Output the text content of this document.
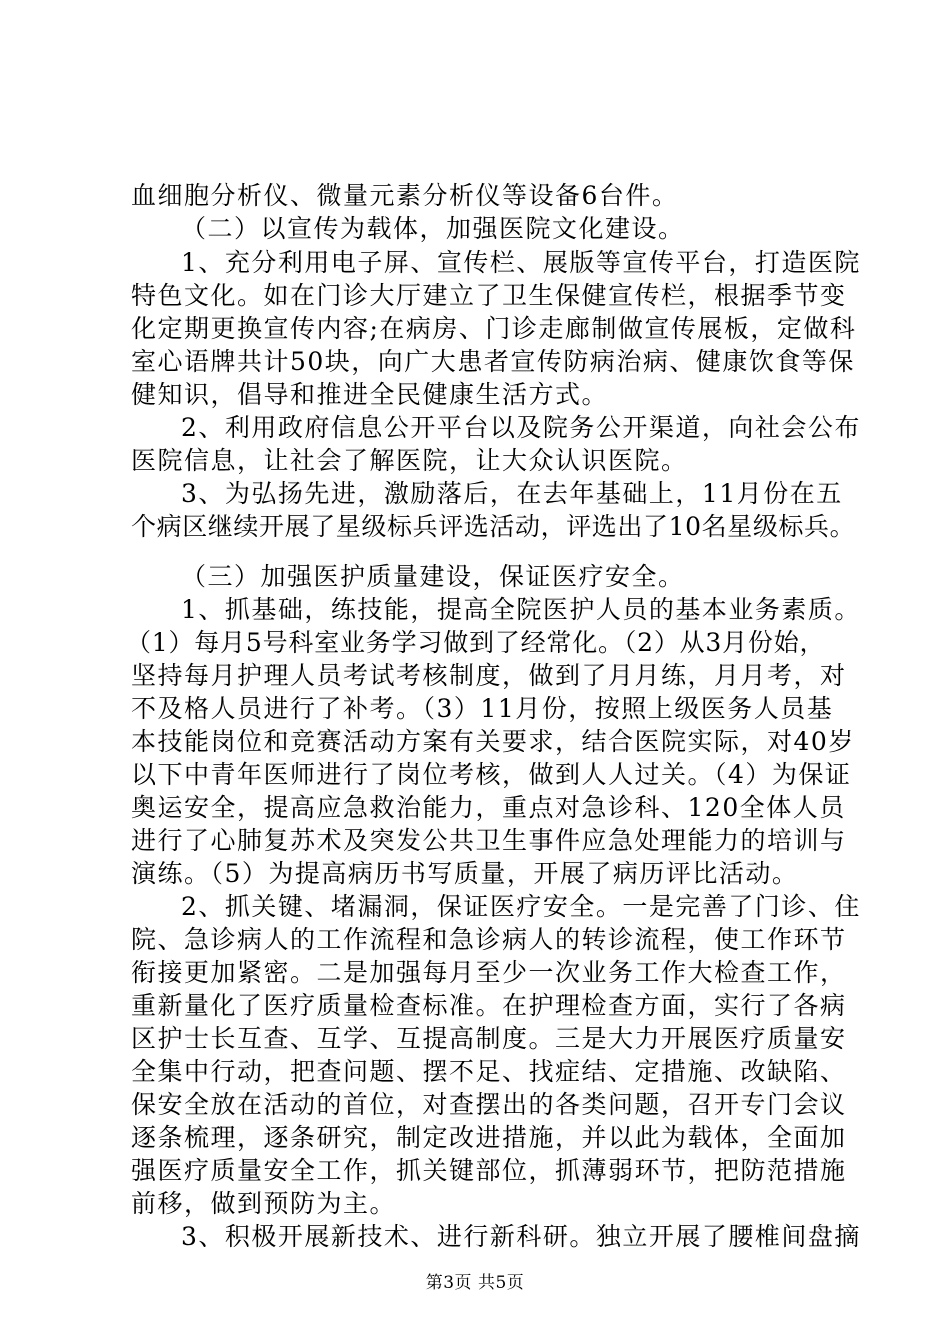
血细胞分析仪、微量元素分析仪等设备6台件。
（二）以宣传为载体，加强医院文化建设。
1、充分利用电子屏、宣传栏、展版等宣传平台，打造医院
特色文化。如在门诊大厅建立了卫生保健宣传栏，根据季节变
化定期更换宣传内容;在病房、门诊走廊制做宣传展板，定做科
室心语牌共计50块，向广大患者宣传防病治病、健康饮食等保
健知识，倡导和推进全民健康生活方式。
2、利用政府信息公开平台以及院务公开渠道，向社会公布
医院信息，让社会了解医院，让大众认识医院。
3、为弘扬先进，激励落后，在去年基础上，11月份在五
个病区继续开展了星级标兵评选活动，评选出了10名星级标兵。
（三）加强医护质量建设，保证医疗安全。
1、抓基础，练技能，提高全院医护人员的基本业务素质。
（1）每月5号科室业务学习做到了经常化。（2）从3月份始，
坚持每月护理人员考试考核制度，做到了月月练，月月考，对
不及格人员进行了补考。（3）11月份，按照上级医务人员基
本技能岗位和竞赛活动方案有关要求，结合医院实际，对40岁
以下中青年医师进行了岗位考核，做到人人过关。（4）为保证
奥运安全，提高应急救治能力，重点对急诊科、120全体人员
进行了心肺复苏术及突发公共卫生事件应急处理能力的培训与
演练。（5）为提高病历书写质量，开展了病历评比活动。
2、抓关键、堵漏洞，保证医疗安全。一是完善了门诊、住
院、急诊病人的工作流程和急诊病人的转诊流程，使工作环节
衔接更加紧密。二是加强每月至少一次业务工作大检查工作，
重新量化了医疗质量检查标准。在护理检查方面，实行了各病
区护士长互查、互学、互提高制度。三是大力开展医疗质量安
全集中行动，把查问题、摆不足、找症结、定措施、改缺陷、
保安全放在活动的首位，对查摆出的各类问题，召开专门会议
逐条梳理，逐条研究，制定改进措施，并以此为载体，全面加
强医疗质量安全工作，抓关键部位，抓薄弱环节，把防范措施
前移，做到预防为主。
3、积极开展新技术、进行新科研。独立开展了腰椎间盘摘
第3页 共5页
